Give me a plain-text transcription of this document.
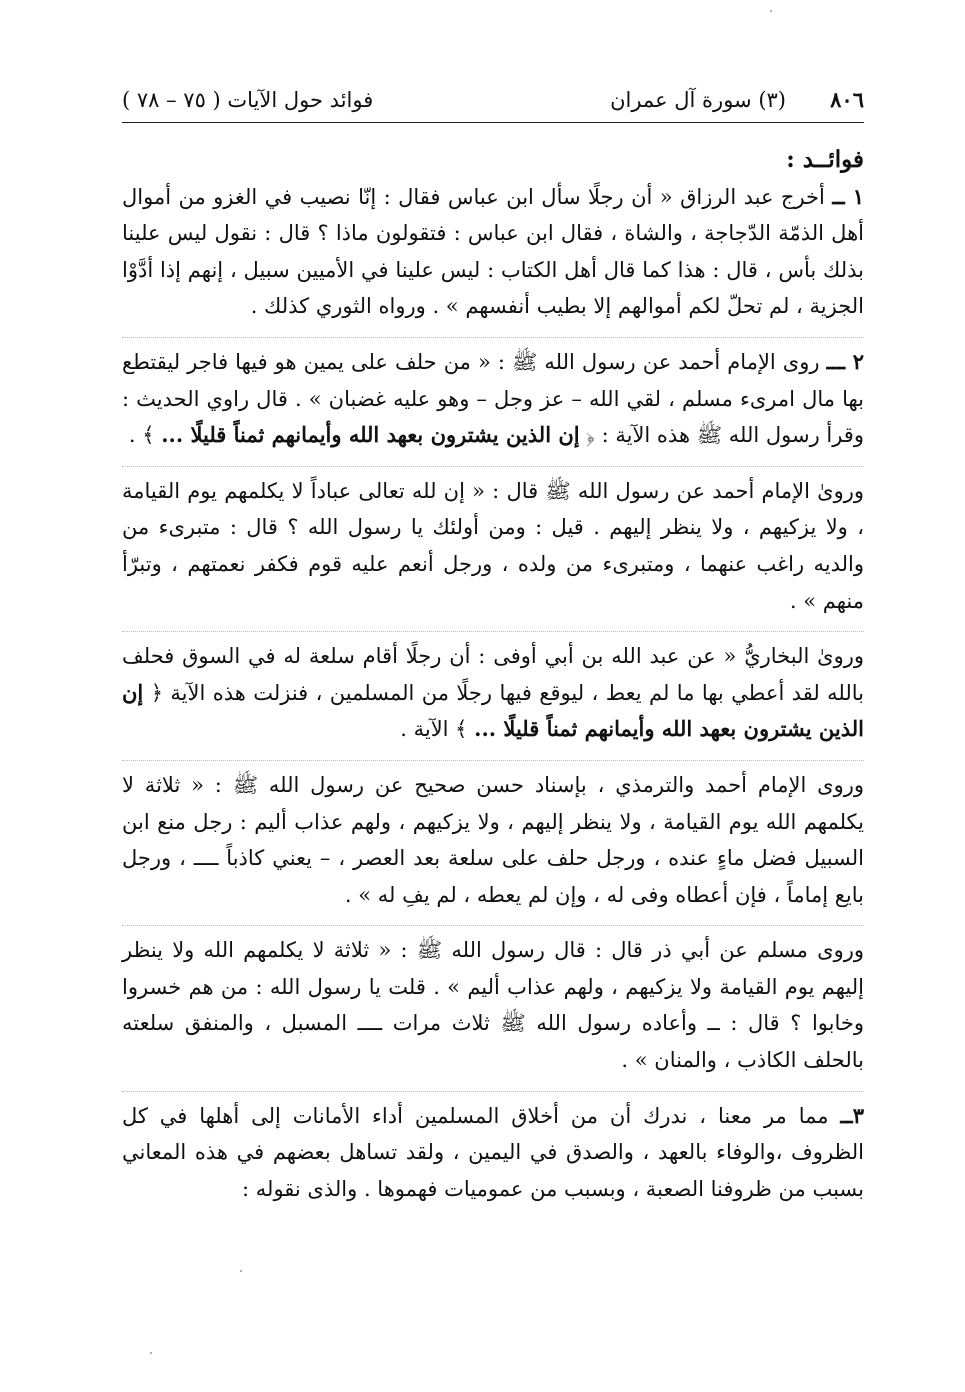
٨٠٦
(٣) سورة آل عمران
فوائد حول الآيات ( ٧٥ – ٧٨ )
فوائــد :

١ ــ أخرج عبد الرزاق « أن رجلًا سأل ابن عباس فقال : إنّا نصيب في الغزو من أموال أهل الذمّة الدّجاجة ، والشاة ، فقال ابن عباس : فتقولون ماذا ؟ قال : نقول ليس علينا بذلك بأس ، قال : هذا كما قال أهل الكتاب : ليس علينا في الأميين سبيل ، إنهم إذا أدَّوْا الجزية ، لم تحلّ لكم أموالهم إلا بطيب أنفسهم » . ورواه الثوري كذلك .

٢ ـــ روى الإمام أحمد عن رسول الله ﷺ : « من حلف على يمين هو فيها فاجر ليقتطع بها مال امرىء مسلم ، لقي الله – عز وجل – وهو عليه غضبان » . قال راوي الحديث : وقرأ رسول الله ﷺ هذه الآية : ﴿ إن الذين يشترون بعهد الله وأيمانهم ثمناً قليلًا ... ﴾ .

وروىٰ الإمام أحمد عن رسول الله ﷺ قال : « إن لله تعالى عباداً لا يكلمهم يوم القيامة ، ولا يزكيهم ، ولا ينظر إليهم . قيل : ومن أولئك يا رسول الله ؟ قال : متبرىء من والديه راغب عنهما ، ومتبرىء من ولده ، ورجل أنعم عليه قوم فكفر نعمتهم ، وتبرّأ منهم » .

وروىٰ البخاريُّ « عن عبد الله بن أبي أوفى : أن رجلًا أقام سلعة له في السوق فحلف بالله لقد أعطي بها ما لم يعط ، ليوقع فيها رجلًا من المسلمين ، فنزلت هذه الآية ﴿ إن الذين يشترون بعهد الله وأيمانهم ثمناً قليلًا ... ﴾ الآية .

وروى الإمام أحمد والترمذي ، بإسناد حسن صحيح عن رسول الله ﷺ : « ثلاثة لا يكلمهم الله يوم القيامة ، ولا ينظر إليهم ، ولا يزكيهم ، ولهم عذاب أليم : رجل منع ابن السبيل فضل ماءٍ عنده ، ورجل حلف على سلعة بعد العصر ، – يعني كاذباً ــــ ، ورجل بايع إماماً ، فإن أعطاه وفى له ، وإن لم يعطه ، لم يفِ له » .

وروى مسلم عن أبي ذر قال : قال رسول الله ﷺ : « ثلاثة لا يكلمهم الله ولا ينظر إليهم يوم القيامة ولا يزكيهم ، ولهم عذاب أليم » . قلت يا رسول الله : من هم خسروا وخابوا ؟ قال : ــ وأعاده رسول الله ﷺ ثلاث مرات ــــ المسبل ، والمنفق سلعته بالحلف الكاذب ، والمنان » .

٣ــ مما مر معنا ، ندرك أن من أخلاق المسلمين أداء الأمانات إلى أهلها في كل الظروف ،والوفاء بالعهد ، والصدق في اليمين ، ولقد تساهل بعضهم في هذه المعاني بسبب من ظروفنا الصعبة ، وبسبب من عموميات فهموها . والذى نقوله :
